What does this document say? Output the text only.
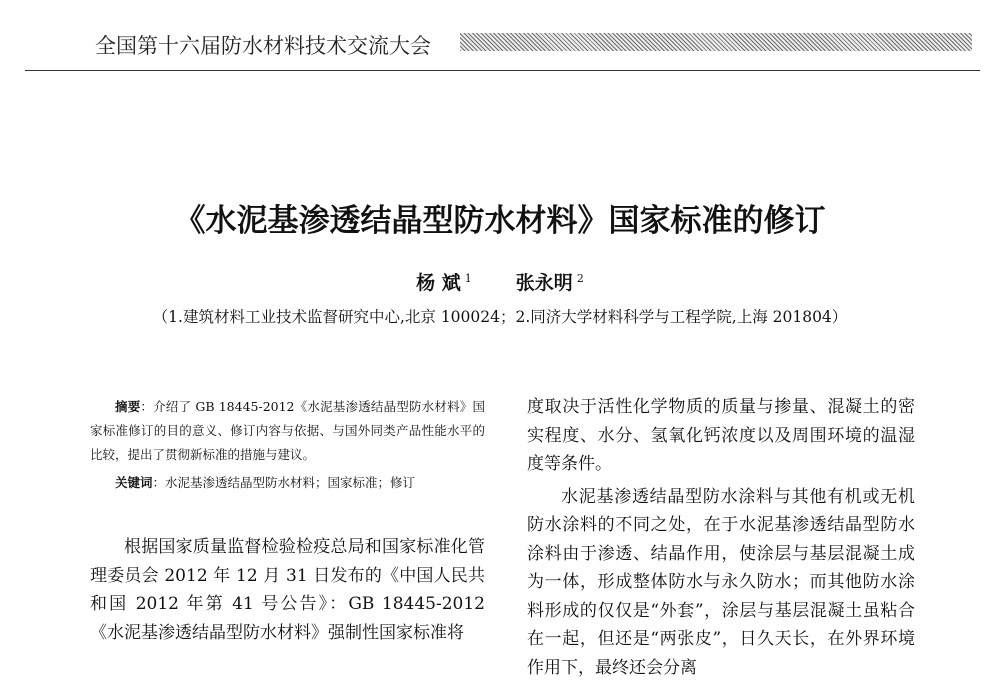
全国第十六届防水材料技术交流大会
《水泥基渗透结晶型防水材料》国家标准的修订
杨 斌 $^1$ 张永明 $^2$
（1.建筑材料工业技术监督研究中心,北京 100024；2.同济大学材料科学与工程学院,上海 201804）

摘要：介绍了 GB 18445-2012《水泥基渗透结晶型防水材料》国家标准修订的目的意义、修订内容与依据、与国外同类产品性能水平的比较，提出了贯彻新标准的措施与建议。

关键词：水泥基渗透结晶型防水材料；国家标准；修订

根据国家质量监督检验检疫总局和国家标准化管理委员会 2012 年 12 月 31 日发布的《中国人民共和国 2012 年第 41 号公告》：GB 18445-2012《水泥基渗透结晶型防水材料》强制性国家标准将

度取决于活性化学物质的质量与掺量、混凝土的密实程度、水分、氢氧化钙浓度以及周围环境的温湿度等条件。

水泥基渗透结晶型防水涂料与其他有机或无机防水涂料的不同之处，在于水泥基渗透结晶型防水涂料由于渗透、结晶作用，使涂层与基层混凝土成为一体，形成整体防水与永久防水；而其他防水涂料形成的仅仅是“外套”，涂层与基层混凝土虽粘合在一起，但还是“两张皮”，日久天长，在外界环境作用下，最终还会分离
